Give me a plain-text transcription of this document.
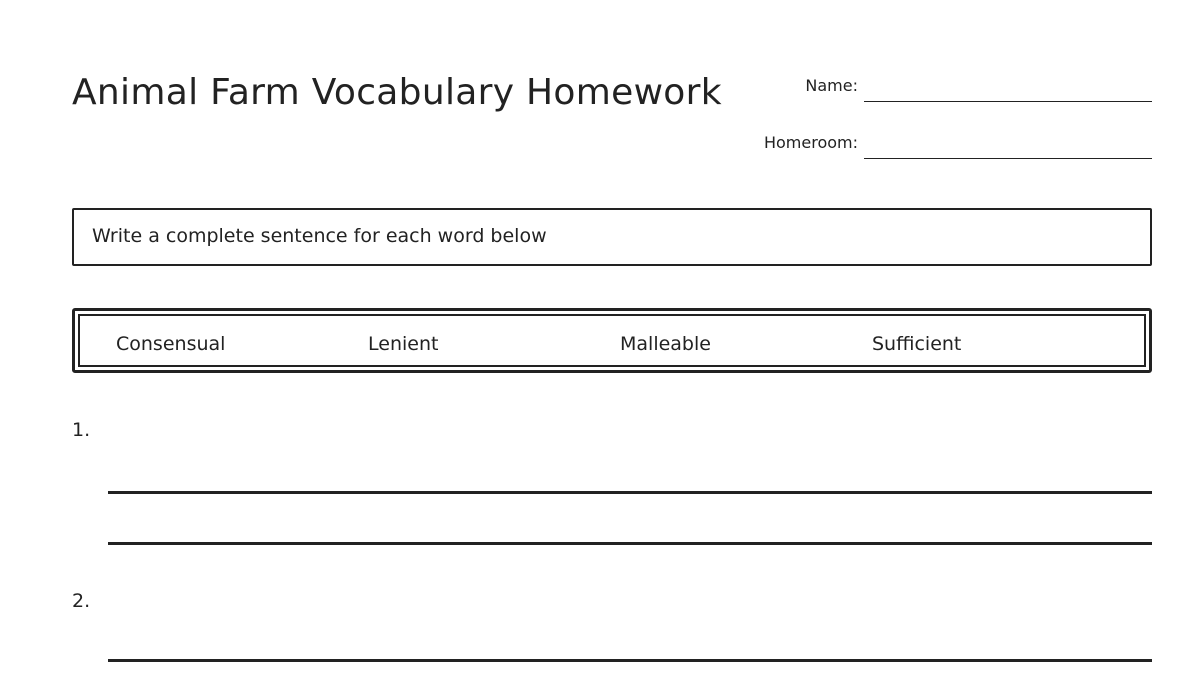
Animal Farm Vocabulary Homework	Name:
Homeroom:
Write a complete sentence for each word below
Consensual	Lenient	Malleable	Sufficient
1.
2.
